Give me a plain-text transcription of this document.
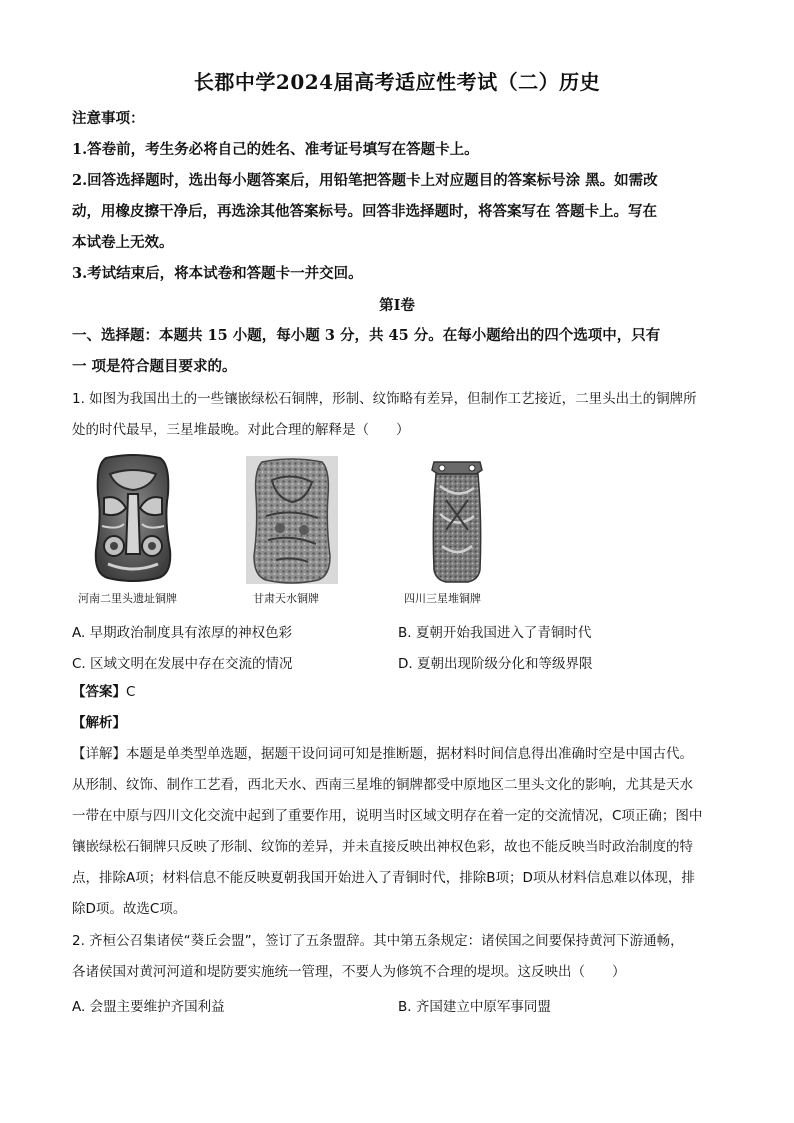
长郡中学2024届高考适应性考试（二）历史
注意事项：
1.答卷前，考生务必将自己的姓名、准考证号填写在答题卡上。
2.回答选择题时，选出每小题答案后，用铅笔把答题卡上对应题目的答案标号涂 黑。如需改
动，用橡皮擦干净后，再选涂其他答案标号。回答非选择题时，将答案写在 答题卡上。写在
本试卷上无效。
3.考试结束后，将本试卷和答题卡一并交回。
第Ⅰ卷
一、选择题：本题共 15 小题，每小题 3 分，共 45 分。在每小题给出的四个选项中，只有
一 项是符合题目要求的。
1. 如图为我国出土的一些镶嵌绿松石铜牌，形制、纹饰略有差异，但制作工艺接近，二里头出土的铜牌所
处的时代最早，三星堆最晚。对此合理的解释是（　　）
河南二里头遗址铜牌	甘肃天水铜牌	四川三星堆铜牌
A. 早期政治制度具有浓厚的神权色彩	B. 夏朝开始我国进入了青铜时代
C. 区域文明在发展中存在交流的情况	D. 夏朝出现阶级分化和等级界限
【答案】C
【解析】
【详解】本题是单类型单选题，据题干设问词可知是推断题，据材料时间信息得出准确时空是中国古代。
从形制、纹饰、制作工艺看，西北天水、西南三星堆的铜牌都受中原地区二里头文化的影响，尤其是天水
一带在中原与四川文化交流中起到了重要作用，说明当时区域文明存在着一定的交流情况，C项正确；图中
镶嵌绿松石铜牌只反映了形制、纹饰的差异，并未直接反映出神权色彩，故也不能反映当时政治制度的特
点，排除A项；材料信息不能反映夏朝我国开始进入了青铜时代，排除B项；D项从材料信息难以体现，排
除D项。故选C项。
2. 齐桓公召集诸侯“葵丘会盟”，签订了五条盟辞。其中第五条规定：诸侯国之间要保持黄河下游通畅，
各诸侯国对黄河河道和堤防要实施统一管理，不要人为修筑不合理的堤坝。这反映出（　　）
A. 会盟主要维护齐国利益	B. 齐国建立中原军事同盟
